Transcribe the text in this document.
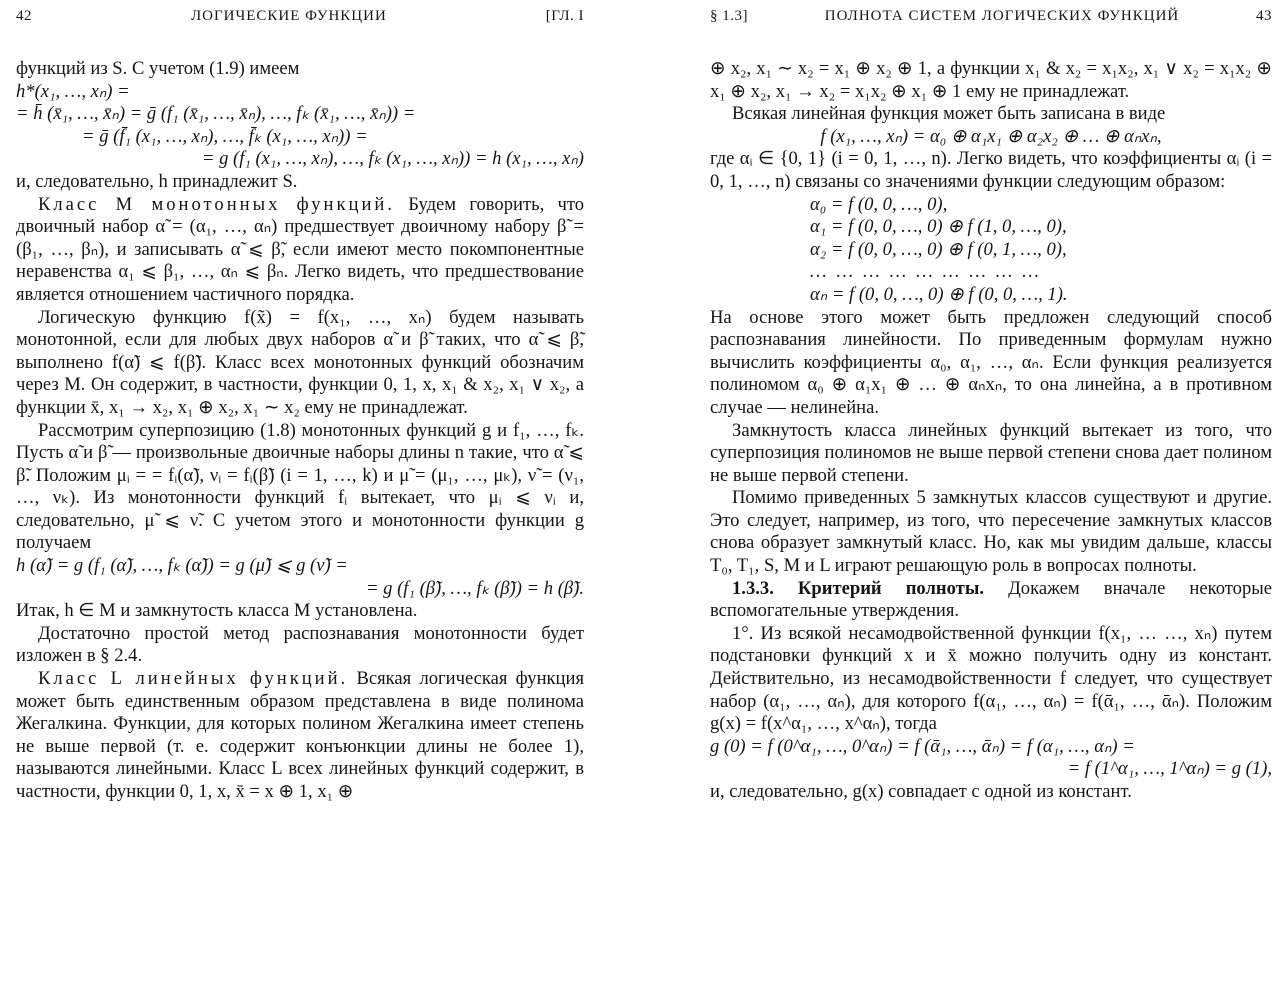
42	ЛОГИЧЕСКИЕ ФУНКЦИИ	[ГЛ. I

функций из S. С учетом (1.9) имеем

h*(x₁, …, xₙ) =

= h̄ (x̄₁, …, x̄ₙ) = ḡ (f₁ (x̄₁, …, x̄ₙ), …, fₖ (x̄₁, …, x̄ₙ)) =

= ḡ (f̄₁ (x₁, …, xₙ), …, f̄ₖ (x₁, …, xₙ)) =

= g (f₁ (x₁, …, xₙ), …, fₖ (x₁, …, xₙ)) = h (x₁, …, xₙ)

и, следовательно, h принадлежит S.

Класс M монотонных функций. Будем говорить, что двоичный набор α̃ = (α₁, …, αₙ) предшествует двоичному набору β̃ = (β₁, …, βₙ), и записывать α̃ ⩽ β̃, если имеют место покомпонентные неравенства α₁ ⩽ β₁, …, αₙ ⩽ βₙ. Легко видеть, что предшествование является отношением частичного порядка.

Логическую функцию f(x̃) = f(x₁, …, xₙ) будем называть монотонной, если для любых двух наборов α̃ и β̃ таких, что α̃ ⩽ β̃, выполнено f(α̃) ⩽ f(β̃). Класс всех монотонных функций обозначим через M. Он содержит, в частности, функции 0, 1, x, x₁ & x₂, x₁ ∨ x₂, а функции x̄, x₁ → x₂, x₁ ⊕ x₂, x₁ ∼ x₂ ему не принадлежат.

Рассмотрим суперпозицию (1.8) монотонных функций g и f₁, …, fₖ. Пусть α̃ и β̃ — произвольные двоичные наборы длины n такие, что α̃ ⩽ β̃. Положим μᵢ = = fᵢ(α̃), νᵢ = fᵢ(β̃) (i = 1, …, k) и μ̃ = (μ₁, …, μₖ), ν̃ = (ν₁, …, νₖ). Из монотонности функций fᵢ вытекает, что μᵢ ⩽ νᵢ и, следовательно, μ̃ ⩽ ν̃. С учетом этого и монотонности функции g получаем

h (α̃) = g (f₁ (α̃), …, fₖ (α̃)) = g (μ̃) ⩽ g (ν̃) =

= g (f₁ (β̃), …, fₖ (β̃)) = h (β̃).

Итак, h ∈ M и замкнутость класса M установлена.

Достаточно простой метод распознавания монотонности будет изложен в § 2.4.

Класс L линейных функций. Всякая логическая функция может быть единственным образом представлена в виде полинома Жегалкина. Функции, для которых полином Жегалкина имеет степень не выше первой (т. е. содержит конъюнкции длины не более 1), называются линейными. Класс L всех линейных функций содержит, в частности, функции 0, 1, x, x̄ = x ⊕ 1, x₁ ⊕

§ 1.3]	ПОЛНОТА СИСТЕМ ЛОГИЧЕСКИХ ФУНКЦИЙ	43

⊕ x₂, x₁ ∼ x₂ = x₁ ⊕ x₂ ⊕ 1, а функции x₁ & x₂ = x₁x₂, x₁ ∨ x₂ = x₁x₂ ⊕ x₁ ⊕ x₂, x₁ → x₂ = x₁x₂ ⊕ x₁ ⊕ 1 ему не принадлежат.

Всякая линейная функция может быть записана в виде

f (x₁, …, xₙ) = α₀ ⊕ α₁x₁ ⊕ α₂x₂ ⊕ … ⊕ αₙxₙ,

где αᵢ ∈ {0, 1} (i = 0, 1, …, n). Легко видеть, что коэффициенты αᵢ (i = 0, 1, …, n) связаны со значениями функции следующим образом:

α₀ = f (0, 0, …, 0),

α₁ = f (0, 0, …, 0) ⊕ f (1, 0, …, 0),

α₂ = f (0, 0, …, 0) ⊕ f (0, 1, …, 0),

………………………

αₙ = f (0, 0, …, 0) ⊕ f (0, 0, …, 1).

На основе этого может быть предложен следующий способ распознавания линейности. По приведенным формулам нужно вычислить коэффициенты α₀, α₁, …, αₙ. Если функция реализуется полиномом α₀ ⊕ α₁x₁ ⊕ … ⊕ αₙxₙ, то она линейна, а в противном случае — нелинейна.

Замкнутость класса линейных функций вытекает из того, что суперпозиция полиномов не выше первой степени снова дает полином не выше первой степени.

Помимо приведенных 5 замкнутых классов существуют и другие. Это следует, например, из того, что пересечение замкнутых классов снова образует замкнутый класс. Но, как мы увидим дальше, классы T₀, T₁, S, M и L играют решающую роль в вопросах полноты.

1.3.3. Критерий полноты. Докажем вначале некоторые вспомогательные утверждения.

1°. Из всякой несамодвойственной функции f(x₁, … …, xₙ) путем подстановки функций x и x̄ можно получить одну из констант. Действительно, из несамодвойственности f следует, что существует набор (α₁, …, αₙ), для которого f(α₁, …, αₙ) = f(ᾱ₁, …, ᾱₙ). Положим g(x) = f(x^α₁, …, x^αₙ), тогда

g (0) = f (0^α₁, …, 0^αₙ) = f (ᾱ₁, …, ᾱₙ) = f (α₁, …, αₙ) =

= f (1^α₁, …, 1^αₙ) = g (1),

и, следовательно, g(x) совпадает с одной из констант.
